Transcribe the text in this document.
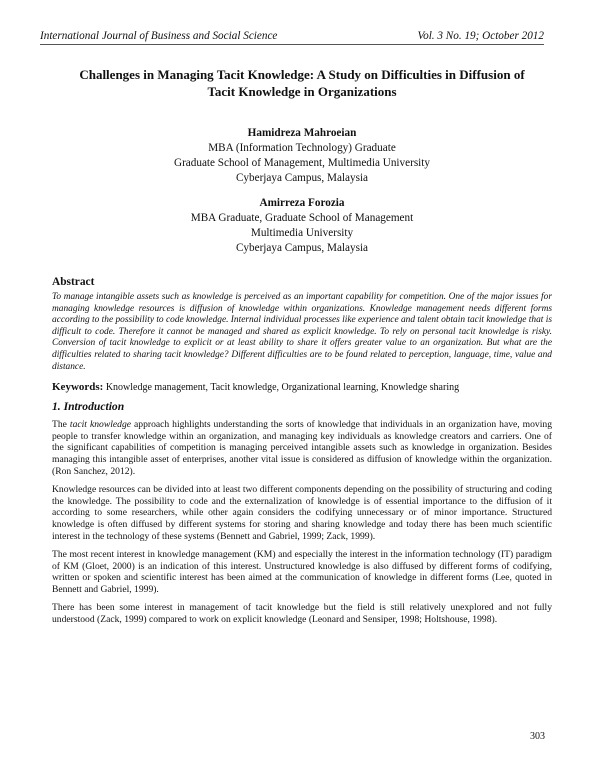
International Journal of Business and Social Science	Vol. 3 No. 19; October 2012
Challenges in Managing Tacit Knowledge: A Study on Difficulties in Diffusion of
Tacit Knowledge in Organizations
Hamidreza Mahroeian
MBA (Information Technology) Graduate
Graduate School of Management, Multimedia University
Cyberjaya Campus, Malaysia
Amirreza Forozia
MBA Graduate, Graduate School of Management
Multimedia University
Cyberjaya Campus, Malaysia
Abstract

To manage intangible assets such as knowledge is perceived as an important capability for competition. One of the major issues for managing knowledge resources is diffusion of knowledge within organizations. Knowledge management needs different forms according to the possibility to code knowledge. Internal individual processes like experience and talent obtain tacit knowledge that is difficult to code. Therefore it cannot be managed and shared as explicit knowledge. To rely on personal tacit knowledge is risky. Conversion of tacit knowledge to explicit or at least ability to share it offers greater value to an organization. But what are the difficulties related to sharing tacit knowledge? Different difficulties are to be found related to perception, language, time, value and distance.

Keywords: Knowledge management, Tacit knowledge, Organizational learning, Knowledge sharing

1. Introduction

The tacit knowledge approach highlights understanding the sorts of knowledge that individuals in an organization have, moving people to transfer knowledge within an organization, and managing key individuals as knowledge creators and carriers. One of the significant capabilities of competition is managing perceived intangible assets such as knowledge in organization. Besides managing this intangible asset of enterprises, another vital issue is considered as diffusion of knowledge within the organization. (Ron Sanchez, 2012).

Knowledge resources can be divided into at least two different components depending on the possibility of structuring and coding the knowledge. The possibility to code and the externalization of knowledge is of essential importance to the diffusion of it according to some researchers, while other again considers the codifying unnecessary or of minor importance. Structured knowledge is often diffused by different systems for storing and sharing knowledge and today there has been much scientific interest in the technology of these systems (Bennett and Gabriel, 1999; Zack, 1999).

The most recent interest in knowledge management (KM) and especially the interest in the information technology (IT) paradigm of KM (Gloet, 2000) is an indication of this interest. Unstructured knowledge is also diffused by different forms of codifying, written or spoken and scientific interest has been aimed at the communication of knowledge in different forms (Lee, quoted in Bennett and Gabriel, 1999).

There has been some interest in management of tacit knowledge but the field is still relatively unexplored and not fully understood (Zack, 1999) compared to work on explicit knowledge (Leonard and Sensiper, 1998; Holtshouse, 1998).

303
